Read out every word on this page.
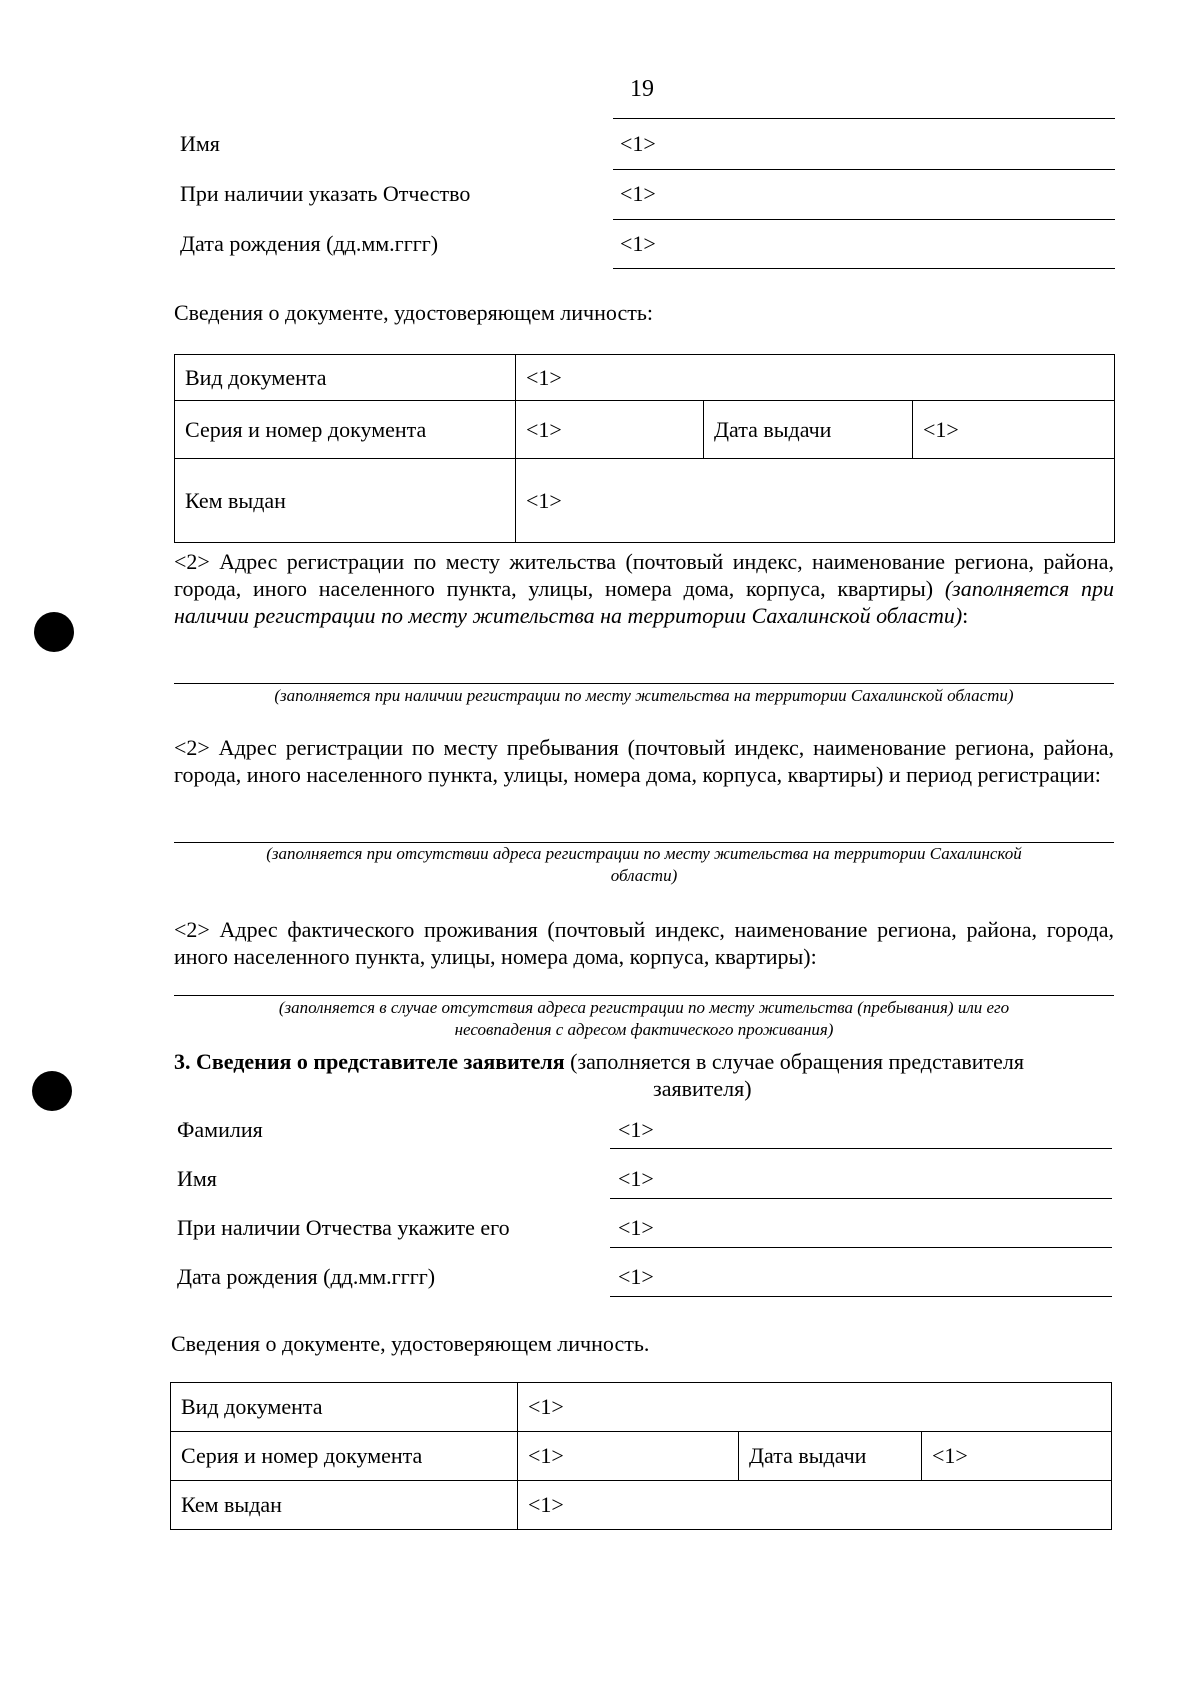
19
Имя	<1>
При наличии указать Отчество	<1>
Дата рождения (дд.мм.гггг)	<1>
Сведения о документе, удостоверяющем личность:
Вид документа	<1>		
Серия и номер документа	<1>	Дата выдачи	<1>
Кем выдан	<1>		
<2> Адрес регистрации по месту жительства (почтовый индекс, наименование региона, района, города, иного населенного пункта, улицы, номера дома, корпуса, квартиры) (заполняется при наличии регистрации по месту жительства на территории Сахалинской области):
(заполняется при наличии регистрации по месту жительства на территории Сахалинской области)
<2> Адрес регистрации по месту пребывания (почтовый индекс, наименование региона, района, города, иного населенного пункта, улицы, номера дома, корпуса, квартиры) и период регистрации:
(заполняется при отсутствии адреса регистрации по месту жительства на территории Сахалинской
области)
<2> Адрес фактического проживания (почтовый индекс, наименование региона, района, города, иного населенного пункта, улицы, номера дома, корпуса, квартиры):
(заполняется в случае отсутствия адреса регистрации по месту жительства (пребывания) или его
несовпадения с адресом фактического проживания)
3. Сведения о представителе заявителя (заполняется в случае обращения представителя
заявителя)
Фамилия	<1>
Имя	<1>
При наличии Отчества укажите его	<1>
Дата рождения (дд.мм.гггг)	<1>
Сведения о документе, удостоверяющем личность.
Вид документа	<1>		
Серия и номер документа	<1>	Дата выдачи	<1>
Кем выдан	<1>		
